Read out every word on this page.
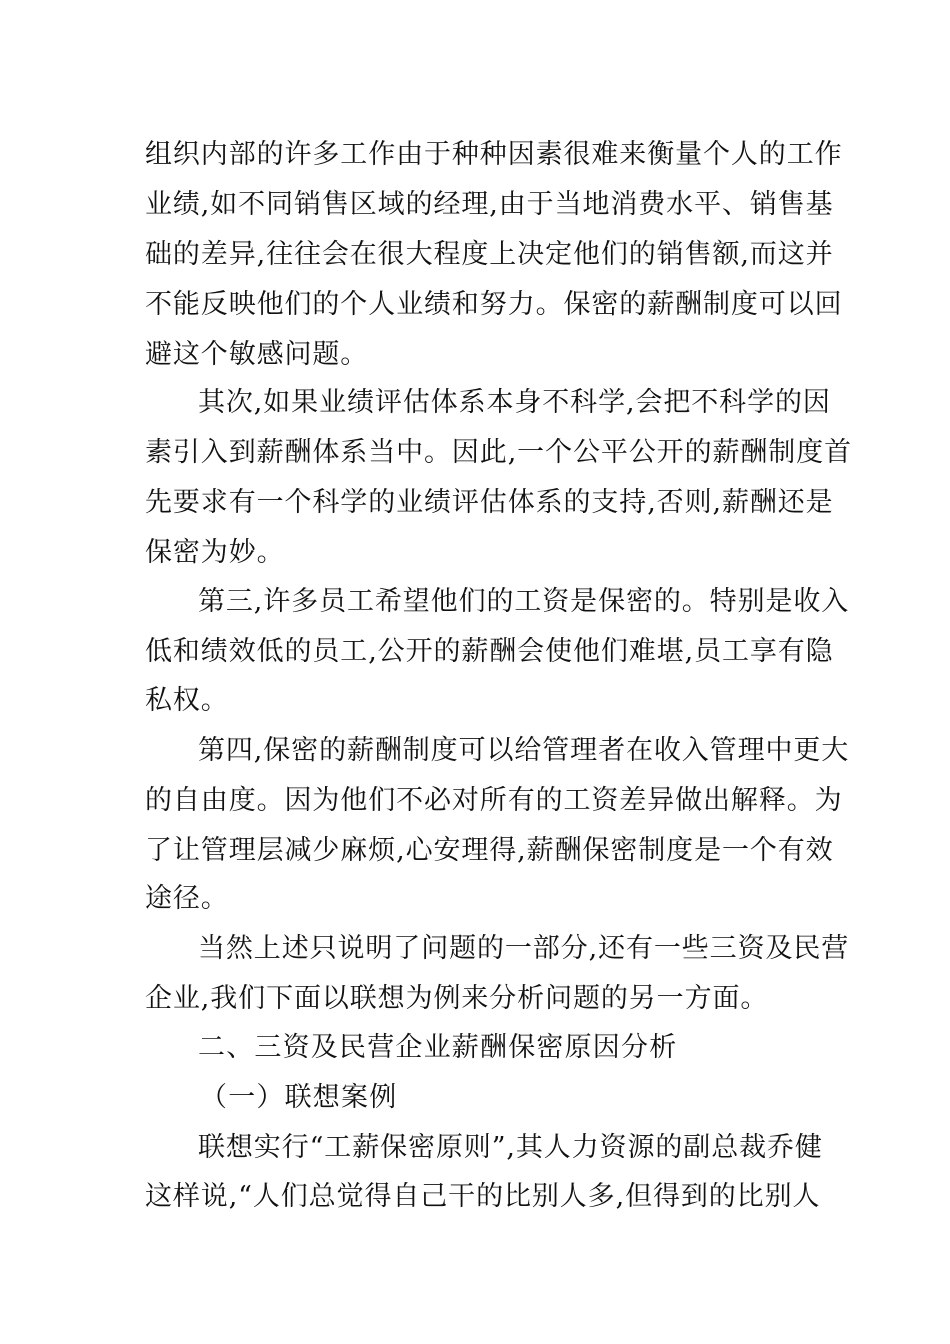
组织内部的许多工作由于种种因素很难来衡量个人的工作
业绩,如不同销售区域的经理,由于当地消费水平、销售基
础的差异,往往会在很大程度上决定他们的销售额,而这并
不能反映他们的个人业绩和努力。保密的薪酬制度可以回
避这个敏感问题。
其次,如果业绩评估体系本身不科学,会把不科学的因
素引入到薪酬体系当中。因此,一个公平公开的薪酬制度首
先要求有一个科学的业绩评估体系的支持,否则,薪酬还是
保密为妙。
第三,许多员工希望他们的工资是保密的。特别是收入
低和绩效低的员工,公开的薪酬会使他们难堪,员工享有隐
私权。
第四,保密的薪酬制度可以给管理者在收入管理中更大
的自由度。因为他们不必对所有的工资差异做出解释。为
了让管理层减少麻烦,心安理得,薪酬保密制度是一个有效
途径。
当然上述只说明了问题的一部分,还有一些三资及民营
企业,我们下面以联想为例来分析问题的另一方面。
二、三资及民营企业薪酬保密原因分析
（一）联想案例
联想实行“工薪保密原则”,其人力资源的副总裁乔健
这样说,“人们总觉得自己干的比别人多,但得到的比别人
